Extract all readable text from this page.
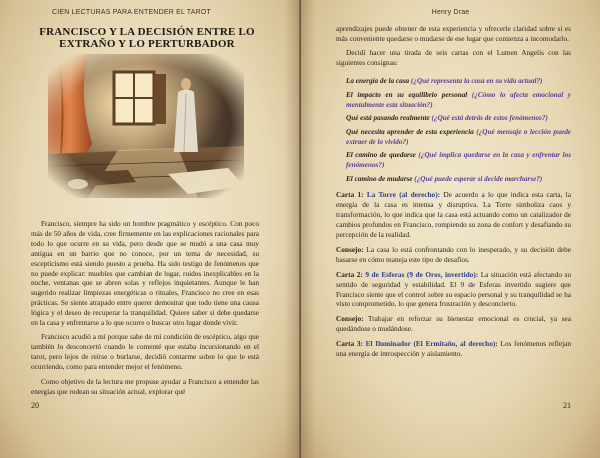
CIEN LECTURAS PARA ENTENDER EL TAROT
FRANCISCO Y LA DECISIÓN ENTRE LO
EXTRAÑO Y LO PERTURBADOR

Francisco, siempre ha sido un hombre pragmático y escéptico. Con poco más de 50 años de vida, cree firmemente en las explicaciones racionales para todo lo que ocurre en su vida, pero desde que se mudó a una casa muy antigua en un barrio que no conoce, por un tema de necesidad, su escepticismo está siendo puesto a prueba. Ha sido testigo de fenómenos que no puede explicar: muebles que cambian de lugar, ruidos inexplicables en la noche, ventanas que se abren solas y reflejos inquietantes. Aunque le han sugerido realizar limpiezas energéticas o rituales, Francisco no cree en esas prácticas. Se siente atrapado entre querer demostrar que todo tiene una causa lógica y el deseo de recuperar la tranquilidad. Quiere saber si debe quedarse en la casa y enfrentarse a lo que ocurre o buscar otro lugar donde vivir.

Francisco acudió a mí porque sabe de mi condición de escéptico, algo que también lo desconcertó cuando le comenté que estaba incursionando en el tarot, pero lejos de reírse o burlarse, decidió contarme sobre lo que le está ocurriendo, como para entender mejor el fenómeno.

Como objetivo de la lectura me propuse ayudar a Francisco a entender las energías que rodean su situación actual, explorar qué

20
Henry Drae

aprendizajes puede obtener de esta experiencia y ofrecerle claridad sobre si es más conveniente quedarse o mudarse de ese lugar que comienza a incomodarlo.

Decidí hacer una tirada de seis cartas con el Lumen Angelis con las siguientes consignas:

La energía de la casa (¿Qué representa la casa en su vida actual?)
El impacto en su equilibrio personal (¿Cómo lo afecta emocional y mentalmente esta situación?)
Qué está pasando realmente (¿Qué está detrás de estos fenómenos?)
Qué necesita aprender de esta experiencia (¿Qué mensaje o lección puede extraer de lo vivido?)
El camino de quedarse (¿Qué implica quedarse en la casa y enfrentar los fenómenos?)
El camino de mudarse (¿Qué puede esperar si decide marcharse?)

Carta 1: La Torre (al derecho): De acuerdo a lo que indica esta carta, la energía de la casa es intensa y disruptiva. La Torre simboliza caos y transformación, lo que indica que la casa está actuando como un catalizador de cambios profundos en Francisco, rompiendo su zona de confort y desafiando su percepción de la realidad.

Consejo: La casa lo está confrontando con lo inesperado, y su decisión debe basarse en cómo maneja este tipo de desafíos.

Carta 2: 9 de Esferas (9 de Oros, invertido): La situación está afectando su sentido de seguridad y estabilidad. El 9 de Esferas invertido sugiere que Francisco siente que el control sobre su espacio personal y su tranquilidad se ha visto comprometido, lo que genera frustración y desconcierto.

Consejo: Trabajar en reforzar su bienestar emocional es crucial, ya sea quedándose o mudándose.

Carta 3: El Iluminador (El Ermitaño, al derecho): Los fenómenos reflejan una energía de introspección y aislamiento.

21
